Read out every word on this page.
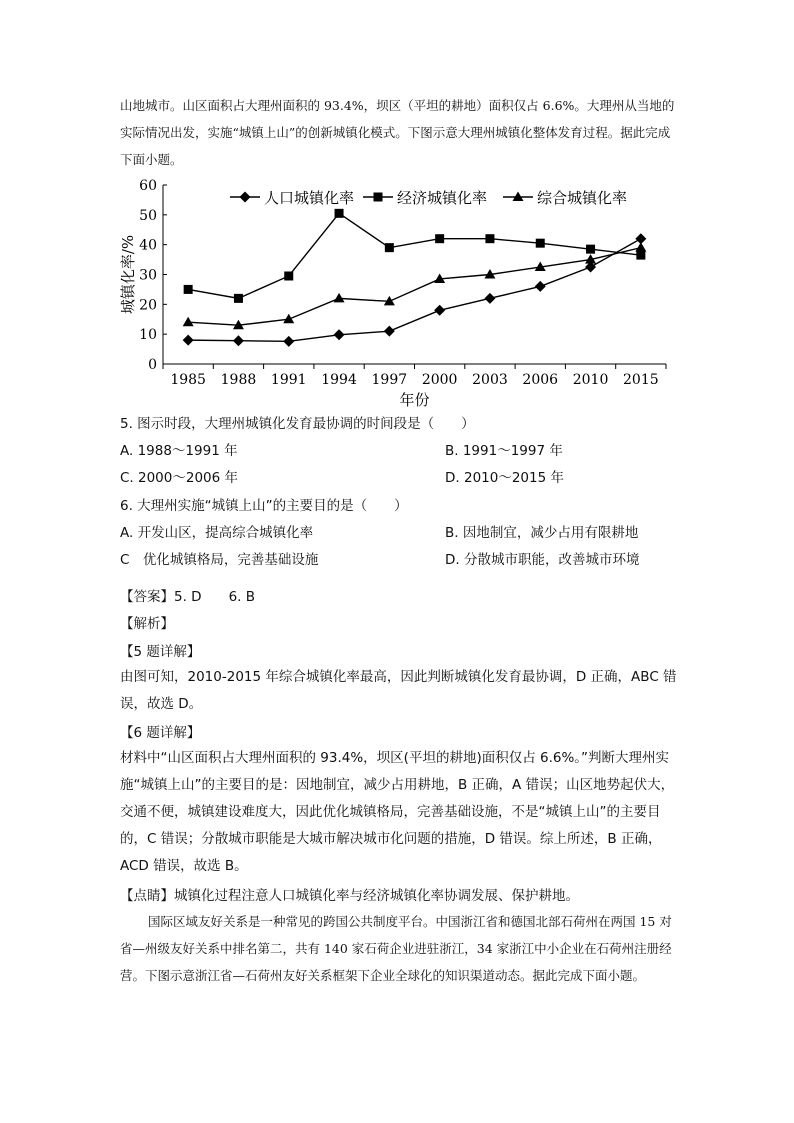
山地城市。山区面积占大理州面积的 93.4%，坝区（平坦的耕地）面积仅占 6.6%。大理州从当地的实际情况出发，实施“城镇上山”的创新城镇化模式。下图示意大理州城镇化整体发育过程。据此完成下面小题。

0
10
20
30
40
50
60
1985 1988 1991 1994 1997 2000 2003 2006 2010 2015
城镇化率/%
年份
人口城镇化率	经济城镇化率	综合城镇化率
5. 图示时段，大理州城镇化发育最协调的时间段是（　　）
A. 1988～1991 年	B. 1991～1997 年
C. 2000～2006 年	D. 2010～2015 年
6. 大理州实施“城镇上山”的主要目的是（　　）
A. 开发山区，提高综合城镇化率	B. 因地制宜，减少占用有限耕地
C　优化城镇格局，完善基础设施	D. 分散城市职能，改善城市环境
【答案】5. D　　6. B
【解析】
【5 题详解】

由图可知，2010-2015 年综合城镇化率最高，因此判断城镇化发育最协调，D 正确，ABC 错误，故选 D。

【6 题详解】

材料中“山区面积占大理州面积的 93.4%，坝区(平坦的耕地)面积仅占 6.6%。”判断大理州实施“城镇上山”的主要目的是：因地制宜，减少占用耕地，B 正确，A 错误；山区地势起伏大，交通不便，城镇建设难度大，因此优化城镇格局，完善基础设施，不是“城镇上山”的主要目的，C 错误；分散城市职能是大城市解决城市化问题的措施，D 错误。综上所述，B 正确，ACD 错误，故选 B。

【点睛】城镇化过程注意人口城镇化率与经济城镇化率协调发展、保护耕地。

国际区域友好关系是一种常见的跨国公共制度平台。中国浙江省和德国北部石荷州在两国 15 对省—州级友好关系中排名第二，共有 140 家石荷企业进驻浙江，34 家浙江中小企业在石荷州注册经营。下图示意浙江省—石荷州友好关系框架下企业全球化的知识渠道动态。据此完成下面小题。
